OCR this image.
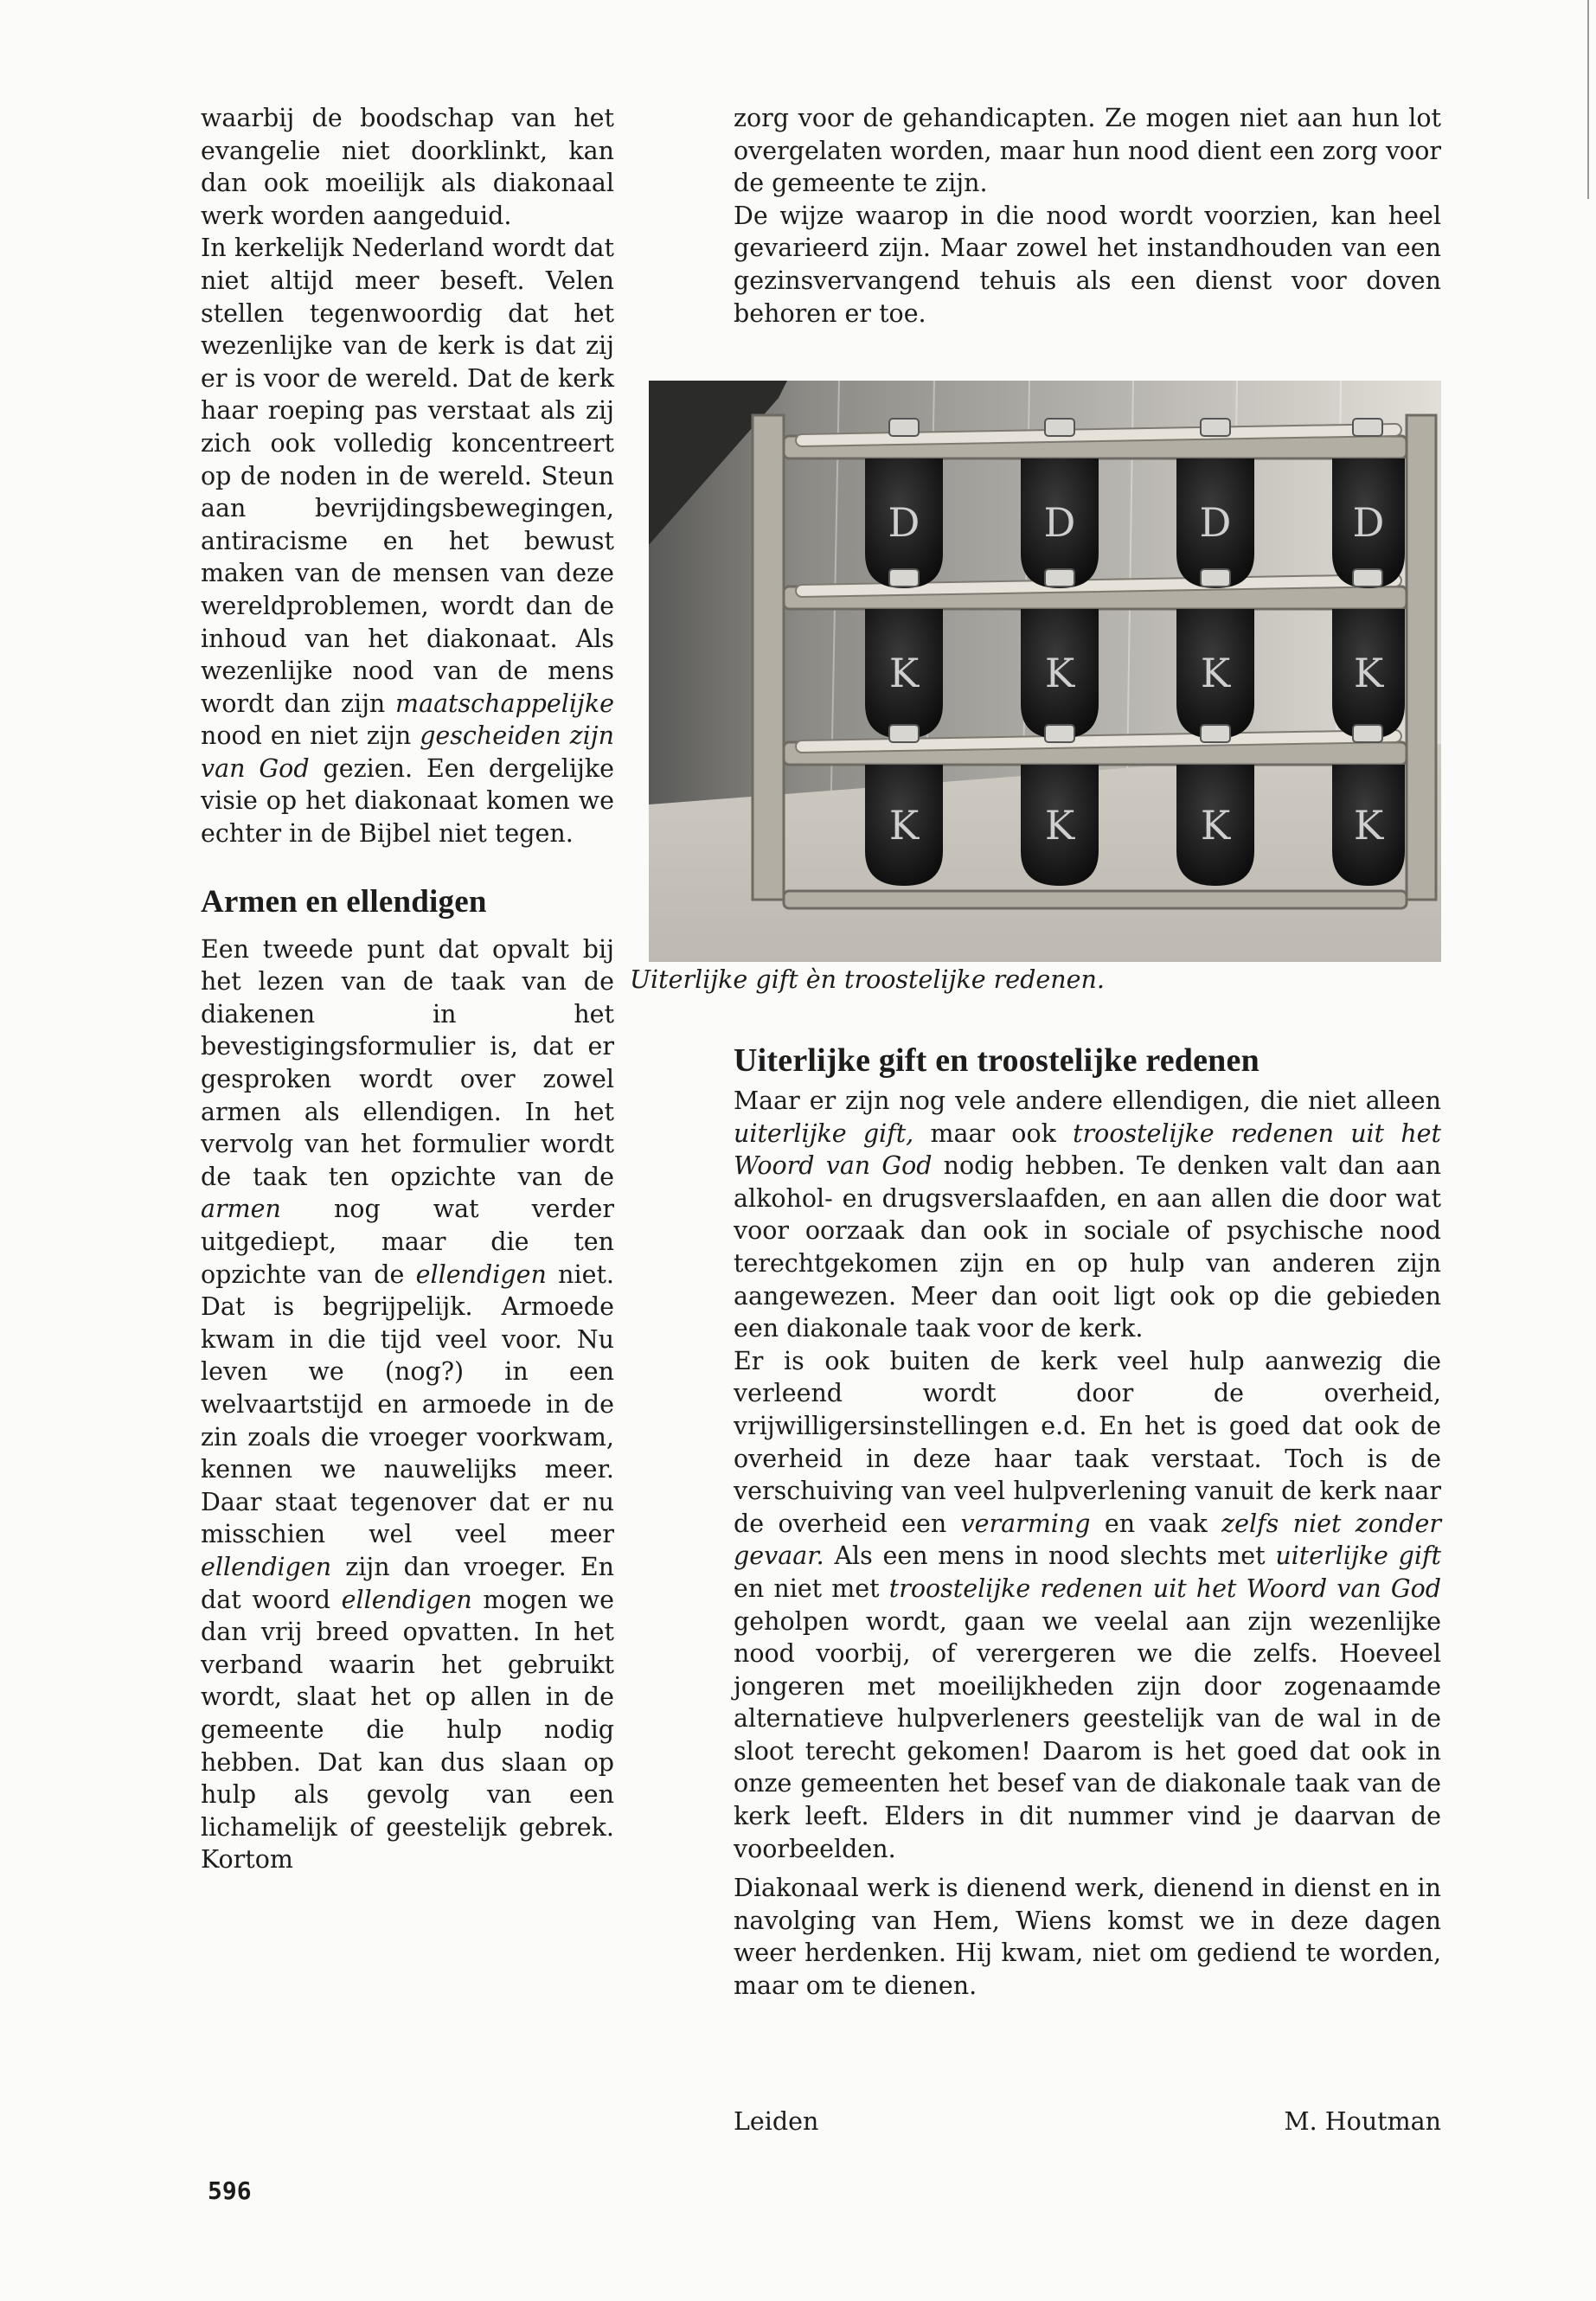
waarbij de boodschap van het evangelie niet doorklinkt, kan dan ook moeilijk als diakonaal werk worden aangeduid.

In kerkelijk Nederland wordt dat niet altijd meer beseft. Velen stellen tegenwoordig dat het wezenlijke van de kerk is dat zij er is voor de wereld. Dat de kerk haar roeping pas verstaat als zij zich ook volledig koncentreert op de noden in de wereld. Steun aan bevrijdingsbewegingen, antiracisme en het bewust maken van de mensen van deze wereldproblemen, wordt dan de inhoud van het diakonaat. Als wezenlijke nood van de mens wordt dan zijn maatschappelijke nood en niet zijn gescheiden zijn van God gezien. Een dergelijke visie op het diakonaat komen we echter in de Bijbel niet tegen.

Armen en ellendigen

Een tweede punt dat opvalt bij het lezen van de taak van de diakenen in het bevestigingsformulier is, dat er gesproken wordt over zowel armen als ellendigen. In het vervolg van het formulier wordt de taak ten opzichte van de armen nog wat verder uitgediept, maar die ten opzichte van de ellendigen niet. Dat is begrijpelijk. Armoede kwam in die tijd veel voor. Nu leven we (nog?) in een welvaartstijd en armoede in de zin zoals die vroeger voorkwam, kennen we nauwelijks meer. Daar staat tegenover dat er nu misschien wel veel meer ellendigen zijn dan vroeger. En dat woord ellendigen mogen we dan vrij breed opvatten. In het verband waarin het gebruikt wordt, slaat het op allen in de gemeente die hulp nodig hebben. Dat kan dus slaan op hulp als gevolg van een lichamelijk of geestelijk gebrek. Kortom

zorg voor de gehandicapten. Ze mogen niet aan hun lot overgelaten worden, maar hun nood dient een zorg voor de gemeente te zijn.

De wijze waarop in die nood wordt voorzien, kan heel gevarieerd zijn. Maar zowel het instandhouden van een gezinsvervangend tehuis als een dienst voor doven behoren er toe.

D	D	D	D
K	K	K	K
K	K	K	K
Uiterlijke gift èn troostelijke redenen.
Uiterlijke gift en troostelijke redenen

Maar er zijn nog vele andere ellendigen, die niet alleen uiterlijke gift, maar ook troostelijke redenen uit het Woord van God nodig hebben. Te denken valt dan aan alkohol- en drugsverslaafden, en aan allen die door wat voor oorzaak dan ook in sociale of psychische nood terechtgekomen zijn en op hulp van anderen zijn aangewezen. Meer dan ooit ligt ook op die gebieden een diakonale taak voor de kerk.

Er is ook buiten de kerk veel hulp aanwezig die verleend wordt door de overheid, vrijwilligersinstellingen e.d. En het is goed dat ook de overheid in deze haar taak verstaat. Toch is de verschuiving van veel hulpverlening vanuit de kerk naar de overheid een verarming en vaak zelfs niet zonder gevaar. Als een mens in nood slechts met uiterlijke gift en niet met troostelijke redenen uit het Woord van God geholpen wordt, gaan we veelal aan zijn wezenlijke nood voorbij, of verergeren we die zelfs. Hoeveel jongeren met moeilijkheden zijn door zogenaamde alternatieve hulpverleners geestelijk van de wal in de sloot terecht gekomen! Daarom is het goed dat ook in onze gemeenten het besef van de diakonale taak van de kerk leeft. Elders in dit nummer vind je daarvan de voorbeelden.

Diakonaal werk is dienend werk, dienend in dienst en in navolging van Hem, Wiens komst we in deze dagen weer herdenken. Hij kwam, niet om gediend te worden, maar om te dienen.

Leiden	M. Houtman
596
